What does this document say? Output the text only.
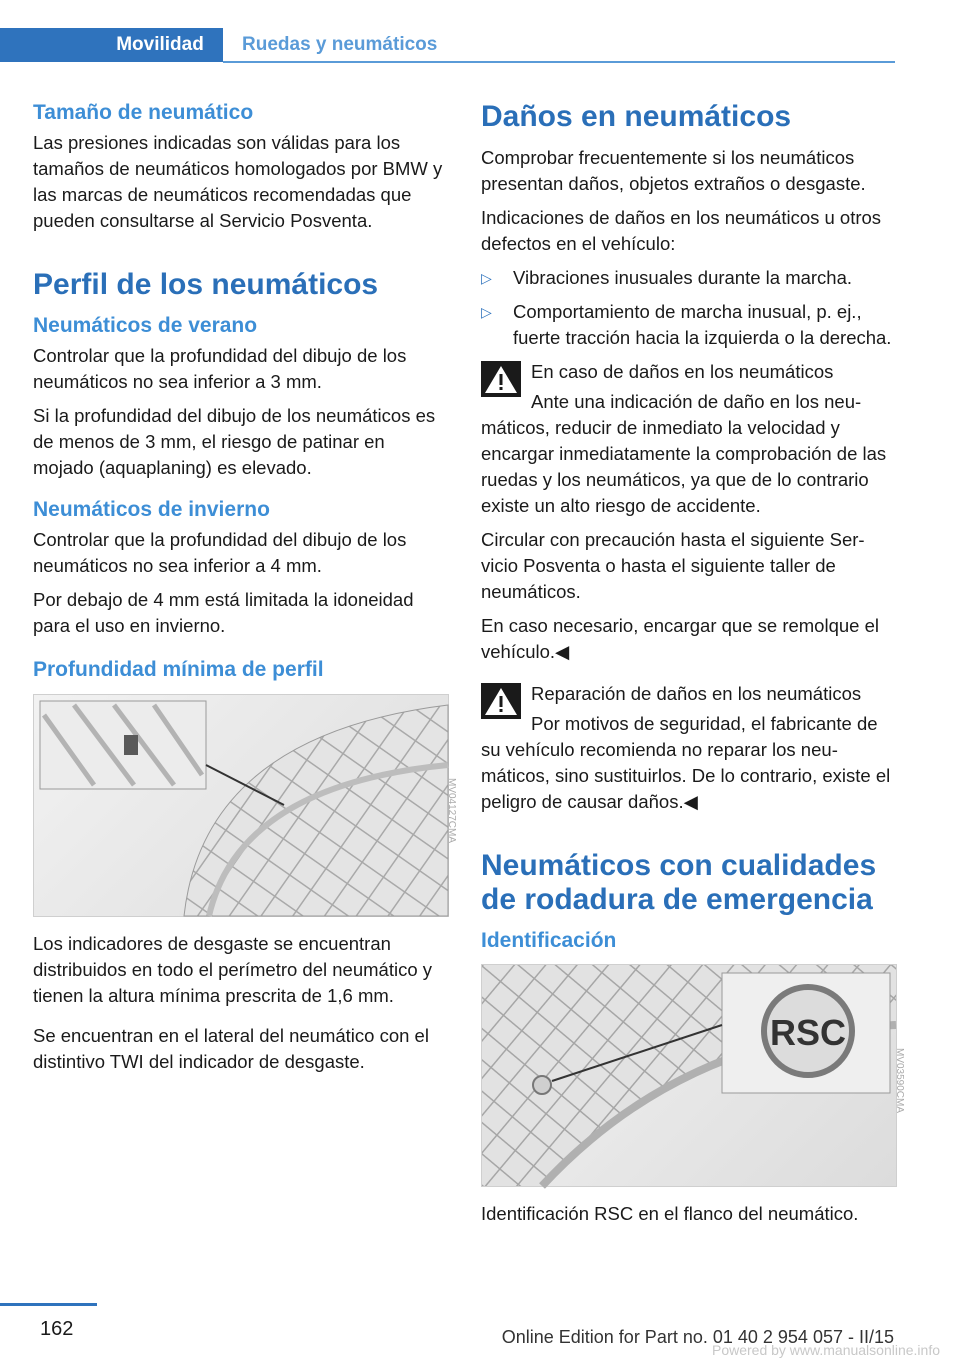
Movilidad	Ruedas y neumáticos
Tamaño de neumático

Las presiones indicadas son válidas para los tamaños de neumáticos homologados por BMW y las marcas de neumáticos recomendadas que pueden consultarse al Servicio Posventa.

Perfil de los neumáticos
Neumáticos de verano

Controlar que la profundidad del dibujo de los neumáticos no sea inferior a 3 mm.

Si la profundidad del dibujo de los neumáticos es de menos de 3 mm, el riesgo de patinar en mojado (aquaplaning) es elevado.

Neumáticos de invierno

Controlar que la profundidad del dibujo de los neumáticos no sea inferior a 4 mm.

Por debajo de 4 mm está limitada la idoneidad para el uso en invierno.

Profundidad mínima de perfil
MV04127CMA

Los indicadores de desgaste se encuentran distribuidos en todo el perímetro del neumático y tienen la altura mínima prescrita de 1,6 mm.

Se encuentran en el lateral del neumático con el distintivo TWI del indicador de desgaste.

Daños en neumáticos

Comprobar frecuentemente si los neumáticos presentan daños, objetos extraños o desgaste.

Indicaciones de daños en los neumáticos u otros defectos en el vehículo:

▷	Vibraciones inusuales durante la marcha.
▷	Comportamiento de marcha inusual, p. ej., fuerte tracción hacia la izquierda o la derecha.

En caso de daños en los neumáticos

Ante una indicación de daño en los neumáticos, reducir de inmediato la velocidad y encargar inmediatamente la comprobación de las ruedas y los neumáticos, ya que de lo contrario existe un alto riesgo de accidente.

Circular con precaución hasta el siguiente Servicio Posventa o hasta el siguiente taller de neumáticos.

En caso necesario, encargar que se remolque el vehículo.◀

Reparación de daños en los neumáticos

Por motivos de seguridad, el fabricante de su vehículo recomienda no reparar los neumáticos, sino sustituirlos. De lo contrario, existe el peligro de causar daños.◀

Neumáticos con cualidades de rodadura de emergencia
Identificación
RSC
MV03590CMA

Identificación RSC en el flanco del neumático.

162	Online Edition for Part no. 01 40 2 954 057 - II/15
Powered by www.manualsonline.info
